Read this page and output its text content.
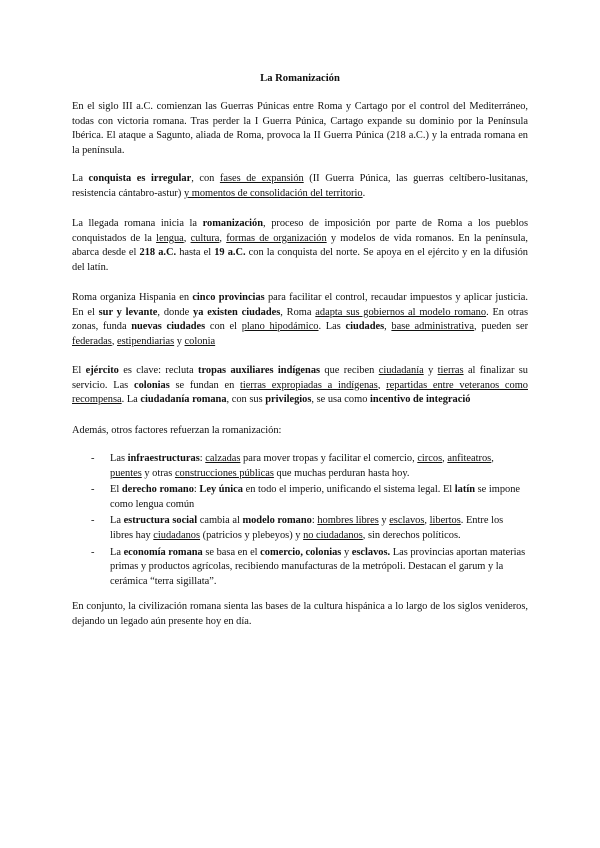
La Romanización
En el siglo III a.C. comienzan las Guerras Púnicas entre Roma y Cartago por el control del Mediterráneo, todas con victoria romana. Tras perder la I Guerra Púnica, Cartago expande su dominio por la Península Ibérica. El ataque a Sagunto, aliada de Roma, provoca la II Guerra Púnica (218 a.C.) y la entrada romana en la península.
La conquista es irregular, con fases de expansión (II Guerra Púnica, las guerras celtíbero-lusitanas, resistencia cántabro-astur) y momentos de consolidación del territorio.
La llegada romana inicia la romanización, proceso de imposición por parte de Roma a los pueblos conquistados de la lengua, cultura, formas de organización y modelos de vida romanos. En la península, abarca desde el 218 a.C. hasta el 19 a.C. con la conquista del norte. Se apoya en el ejército y en la difusión del latín.
Roma organiza Hispania en cinco provincias para facilitar el control, recaudar impuestos y aplicar justicia. En el sur y levante, donde ya existen ciudades, Roma adapta sus gobiernos al modelo romano. En otras zonas, funda nuevas ciudades con el plano hipodámico. Las ciudades, base administrativa, pueden ser federadas, estipendiarias y colonia
El ejército es clave: recluta tropas auxiliares indígenas que reciben ciudadanía y tierras al finalizar su servicio. Las colonias se fundan en tierras expropiadas a indígenas, repartidas entre veteranos como recompensa. La ciudadanía romana, con sus privilegios, se usa como incentivo de integració
Además, otros factores refuerzan la romanización:
- Las infraestructuras: calzadas para mover tropas y facilitar el comercio, circos, anfiteatros, puentes y otras construcciones públicas que muchas perduran hasta hoy.
- El derecho romano: Ley única en todo el imperio, unificando el sistema legal. El latín se impone como lengua común
- La estructura social cambia al modelo romano: hombres libres y esclavos, libertos. Entre los libres hay ciudadanos (patricios y plebeyos) y no ciudadanos, sin derechos políticos.
- La economía romana se basa en el comercio, colonias y esclavos. Las provincias aportan materias primas y productos agrícolas, recibiendo manufacturas de la metrópoli. Destacan el garum y la cerámica “terra sigillata”.
En conjunto, la civilización romana sienta las bases de la cultura hispánica a lo largo de los siglos venideros, dejando un legado aún presente hoy en día.
